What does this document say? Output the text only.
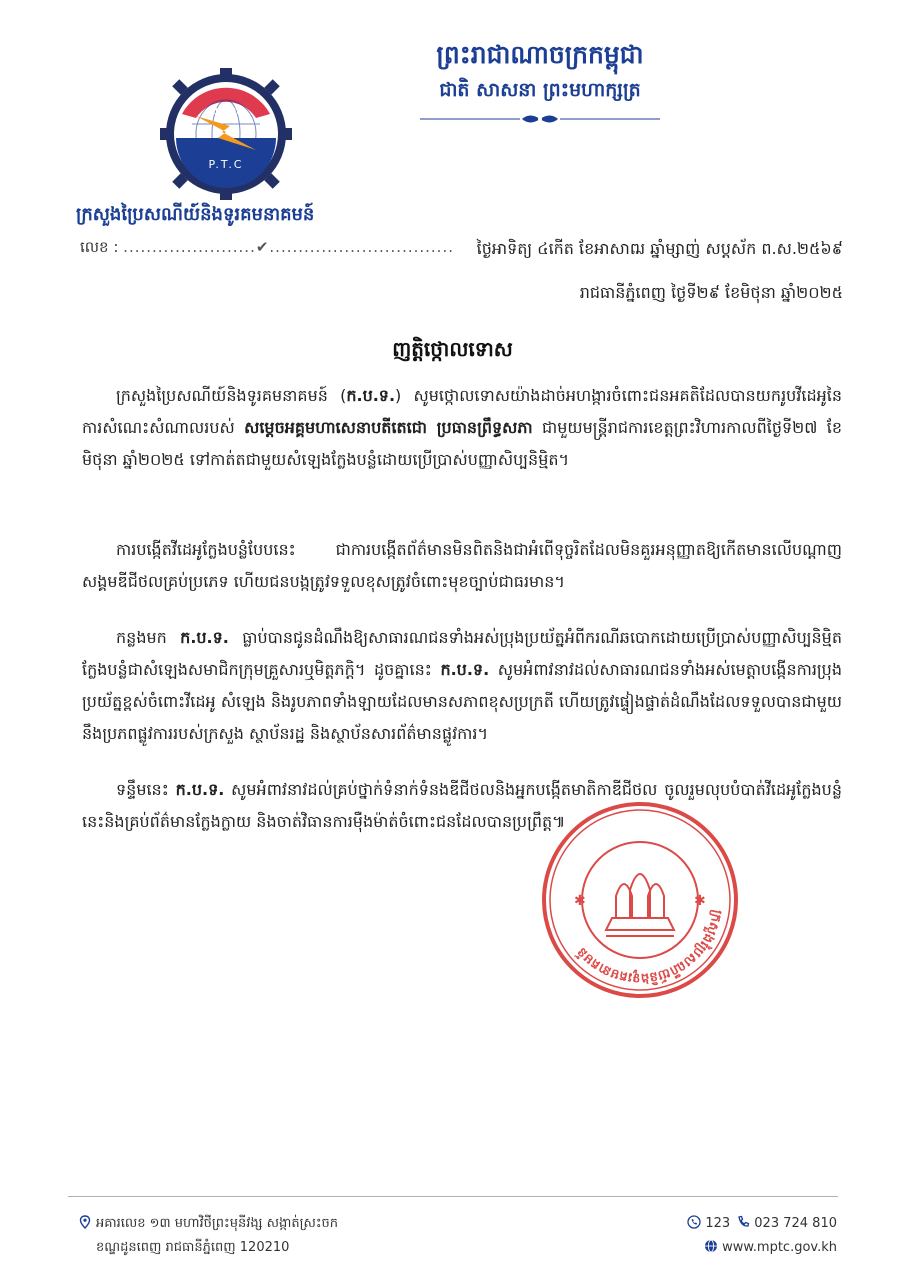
ព្រះរាជាណាចក្រកម្ពុជា
ជាតិ សាសនា ព្រះមហាក្សត្រ
ប.ព.ក.
P.T.C
ក្រសួងប្រៃសណីយ៍និងទូរគមនាគមន៍
លេខ : .......................✔................................ ថ្ងៃអាទិត្យ ៤កើត ខែអាសាឍ ឆ្នាំម្សាញ់ សប្តស័ក ព.ស.២៥៦៩
រាជធានីភ្នំពេញ ថ្ងៃទី២៩ ខែមិថុនា ឆ្នាំ២០២៥
ញត្តិថ្កោលទោស
ក្រសួងប្រៃសណីយ៍និងទូរគមនាគមន៍ (ក.ប.ទ.) សូមថ្កោលទោសយ៉ាងដាច់អហង្ការចំពោះជនអគតិដែលបានយករូបវីដេអូនៃការសំណេះសំណាលរបស់ សម្តេចអគ្គមហាសេនាបតីតេជោ ប្រធានព្រឹទ្ធសភា ជាមួយមន្ត្រីរាជការខេត្តព្រះវិហារកាលពីថ្ងៃទី២៧ ខែមិថុនា ឆ្នាំ២០២៥ ទៅកាត់តជាមួយសំឡេងក្លែងបន្លំដោយប្រើប្រាស់បញ្ញាសិប្បនិម្មិត។
ការបង្កើតវីដេអូក្លែងបន្លំបែបនេះ ជាការបង្កើតព័ត៌មានមិនពិតនិងជាអំពើទុច្ចរិតដែលមិនគួរអនុញ្ញាតឱ្យកើតមានលើបណ្តាញសង្គមឌីជីថលគ្រប់ប្រភេទ ហើយជនបង្កត្រូវទទួលខុសត្រូវចំពោះមុខច្បាប់ជាធរមាន។
កន្លងមក ក.ប.ទ. ធ្លាប់បានជូនដំណឹងឱ្យសាធារណជនទាំងអស់ប្រុងប្រយ័ត្នអំពីករណីឆបោកដោយប្រើប្រាស់បញ្ញាសិប្បនិម្មិតក្លែងបន្លំជាសំឡេងសមាជិកក្រុមគ្រួសារឬមិត្តភក្តិ។ ដូចគ្នានេះ ក.ប.ទ. សូមអំពាវនាវដល់សាធារណជនទាំងអស់មេត្តាបង្កើនការប្រុងប្រយ័ត្នខ្ពស់ចំពោះវីដេអូ សំឡេង និងរូបភាពទាំងឡាយដែលមានសភាពខុសប្រក្រតី ហើយត្រូវផ្ទៀងផ្ទាត់ដំណឹងដែលទទួលបានជាមួយនឹងប្រភពផ្លូវការរបស់ក្រសួង ស្ថាប័នរដ្ឋ និងស្ថាប័នសារព័ត៌មានផ្លូវការ។
ទន្ទឹមនេះ ក.ប.ទ. សូមអំពាវនាវដល់គ្រប់ថ្នាក់ទំនាក់ទំនងឌីជីថលនិងអ្នកបង្កើតមាតិកាឌីជីថល ចូលរួមលុបបំបាត់វីដេអូក្លែងបន្លំនេះនិងគ្រប់ព័ត៌មានក្លែងក្លាយ និងចាត់វិធានការម៉ឺងម៉ាត់ចំពោះជនដែលបានប្រព្រឹត្ត៕
ក្រសួងប្រៃសណីយ៍និងទូរគមនាគមន៍
✱	✱
អគារលេខ ១៣ មហាវិថីព្រះមុនីវង្ស សង្កាត់ស្រះចក
ខណ្ឌដូនពេញ រាជធានីភ្នំពេញ 120210
123 023 724 810
www.mptc.gov.kh
